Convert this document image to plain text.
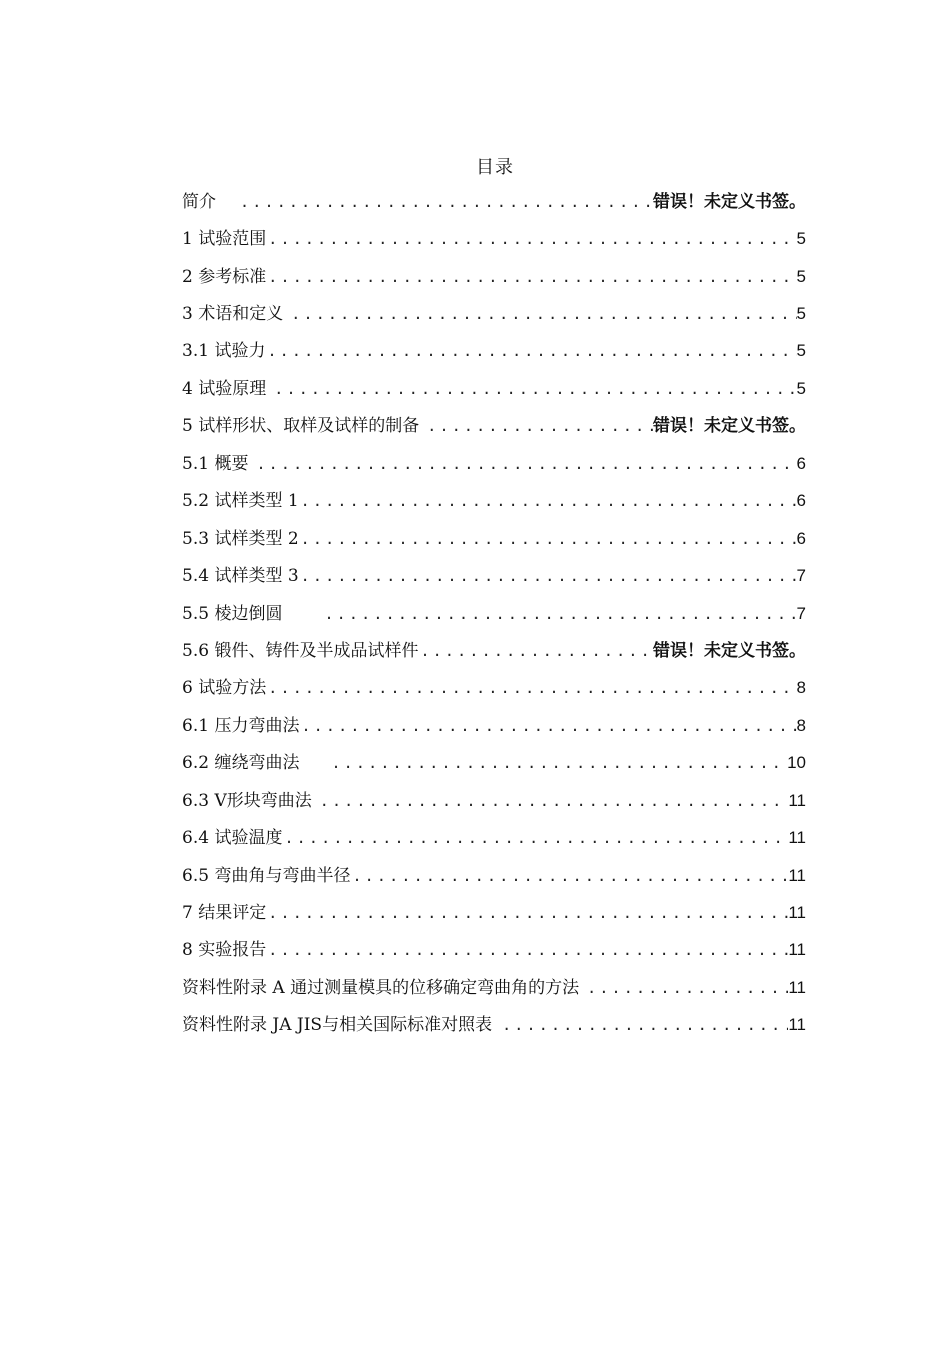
目录
简介 .....	错误！未定义书签。
1 试验范围 .....	5
2 参考标准 .....	5
3 术语和定义 .....	5
3.1 试验力 .....	5
4 试验原理 .....	5
5 试样形状、取样及试样的制备 .....	错误！未定义书签。
5.1 概要 .....	6
5.2 试样类型 1 .....	6
5.3 试样类型 2 .....	6
5.4 试样类型 3 .....	7
5.5 棱边倒圆 .....	7
5.6 锻件、铸件及半成品试样件 .....	错误！未定义书签。
6 试验方法 .....	8
6.1 压力弯曲法 .....	8
6.2 缠绕弯曲法 .....	10
6.3 V形块弯曲法 .....	11
6.4 试验温度 .....	11
6.5 弯曲角与弯曲半径 .....	11
7 结果评定 .....	11
8 实验报告 .....	11
资料性附录 A 通过测量模具的位移确定弯曲角的方法 .....	11
资料性附录 JA JIS与相关国际标准对照表 .....	11
